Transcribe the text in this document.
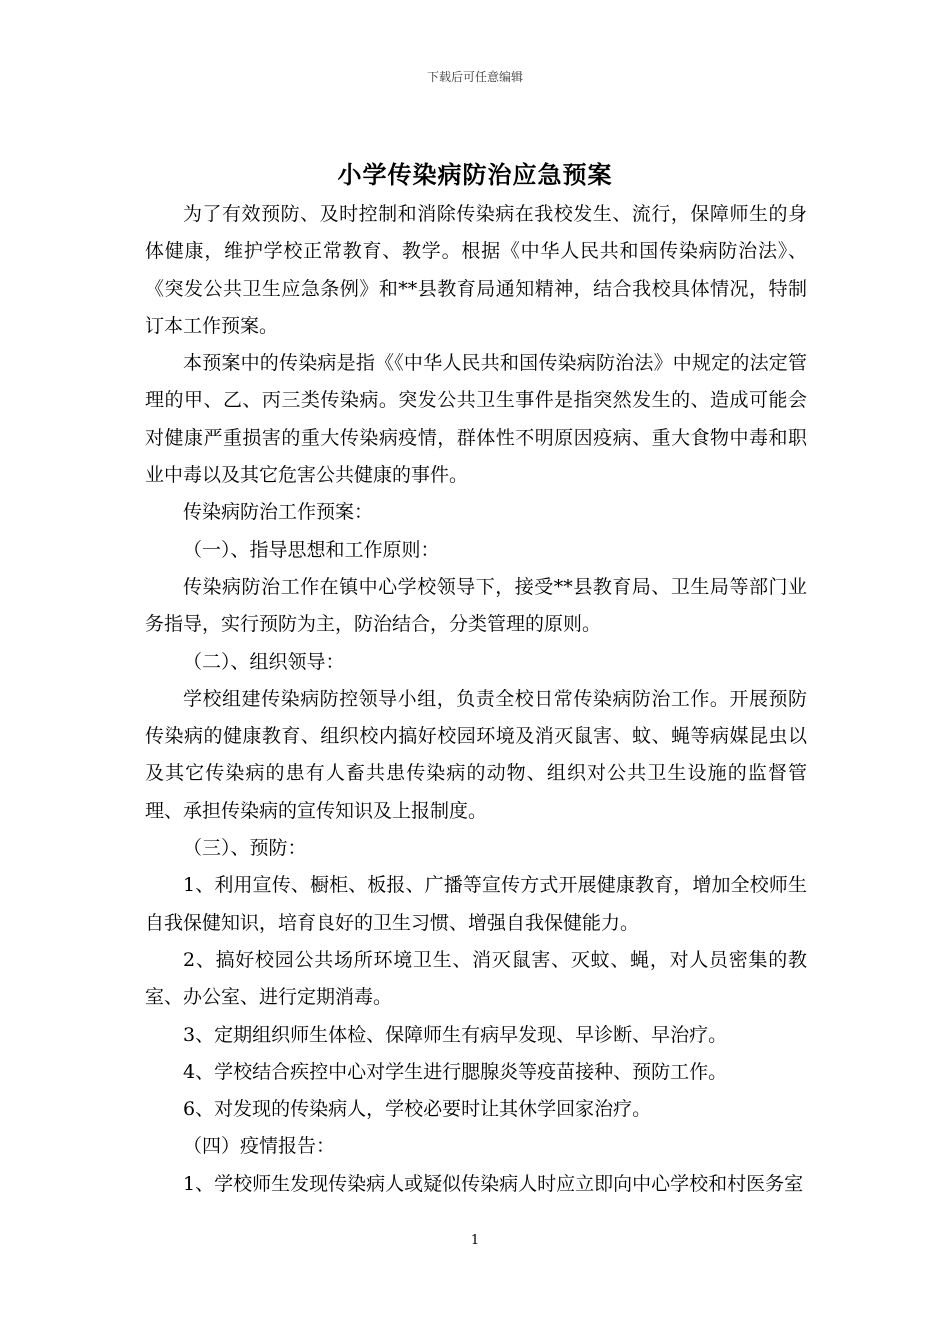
下载后可任意编辑
小学传染病防治应急预案

为了有效预防、及时控制和消除传染病在我校发生、流行，保障师生的身体健康，维护学校正常教育、教学。根据《中华人民共和国传染病防治法》、《突发公共卫生应急条例》和**县教育局通知精神，结合我校具体情况，特制订本工作预案。

本预案中的传染病是指《《中华人民共和国传染病防治法》中规定的法定管理的甲、乙、丙三类传染病。突发公共卫生事件是指突然发生的、造成可能会对健康严重损害的重大传染病疫情，群体性不明原因疫病、重大食物中毒和职业中毒以及其它危害公共健康的事件。

传染病防治工作预案：

（一）、指导思想和工作原则：

传染病防治工作在镇中心学校领导下，接受**县教育局、卫生局等部门业务指导，实行预防为主，防治结合，分类管理的原则。

（二）、组织领导：

学校组建传染病防控领导小组，负责全校日常传染病防治工作。开展预防传染病的健康教育、组织校内搞好校园环境及消灭鼠害、蚊、蝇等病媒昆虫以及其它传染病的患有人畜共患传染病的动物、组织对公共卫生设施的监督管理、承担传染病的宣传知识及上报制度。

（三）、预防：

1、利用宣传、橱柜、板报、广播等宣传方式开展健康教育，增加全校师生自我保健知识，培育良好的卫生习惯、增强自我保健能力。

2、搞好校园公共场所环境卫生、消灭鼠害、灭蚊、蝇，对人员密集的教室、办公室、进行定期消毒。

3、定期组织师生体检、保障师生有病早发现、早诊断、早治疗。

4、学校结合疾控中心对学生进行腮腺炎等疫苗接种、预防工作。

6、对发现的传染病人，学校必要时让其休学回家治疗。

（四）疫情报告：

1、学校师生发现传染病人或疑似传染病人时应立即向中心学校和村医务室

1
